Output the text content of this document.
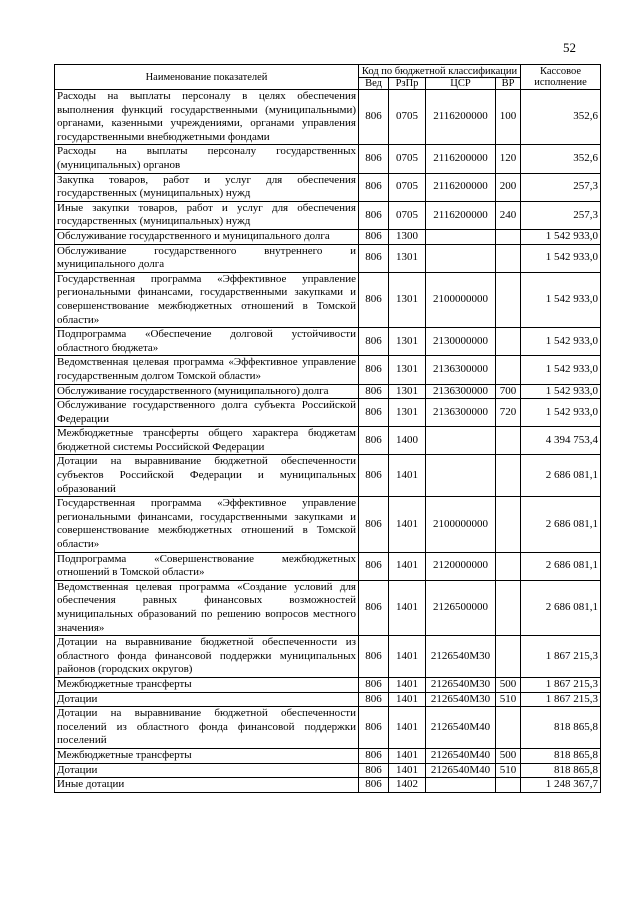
52
Наименование показателей	Код по бюджетной классификации				Кассовое исполнение
	Вед	РзПр	ЦСР	ВР	
Расходы на выплаты персоналу в целях обеспечения выполнения функций государственными (муниципальными) органами, казенными учреждениями, органами управления государственными внебюджетными фондами	806	0705	2116200000	100	352,6
Расходы на выплаты персоналу государственных (муниципальных) органов	806	0705	2116200000	120	352,6
Закупка товаров, работ и услуг для обеспечения государственных (муниципальных) нужд	806	0705	2116200000	200	257,3
Иные закупки товаров, работ и услуг для обеспечения государственных (муниципальных) нужд	806	0705	2116200000	240	257,3
Обслуживание государственного и муниципального долга	806	1300			1 542 933,0
Обслуживание государственного внутреннего и муниципального долга	806	1301			1 542 933,0
Государственная программа «Эффективное управление региональными финансами, государственными закупками и совершенствование межбюджетных отношений в Томской области»	806	1301	2100000000		1 542 933,0
Подпрограмма «Обеспечение долговой устойчивости областного бюджета»	806	1301	2130000000		1 542 933,0
Ведомственная целевая программа «Эффективное управление государственным долгом Томской области»	806	1301	2136300000		1 542 933,0
Обслуживание государственного (муниципального) долга	806	1301	2136300000	700	1 542 933,0
Обслуживание государственного долга субъекта Российской Федерации	806	1301	2136300000	720	1 542 933,0
Межбюджетные трансферты общего характера бюджетам бюджетной системы Российской Федерации	806	1400			4 394 753,4
Дотации на выравнивание бюджетной обеспеченности субъектов Российской Федерации и муниципальных образований	806	1401			2 686 081,1
Государственная программа «Эффективное управление региональными финансами, государственными закупками и совершенствование межбюджетных отношений в Томской области»	806	1401	2100000000		2 686 081,1
Подпрограмма «Совершенствование межбюджетных отношений в Томской области»	806	1401	2120000000		2 686 081,1
Ведомственная целевая программа «Создание условий для обеспечения равных финансовых возможностей муниципальных образований по решению вопросов местного значения»	806	1401	2126500000		2 686 081,1
Дотации на выравнивание бюджетной обеспеченности из областного фонда финансовой поддержки муниципальных районов (городских округов)	806	1401	2126540М30		1 867 215,3
Межбюджетные трансферты	806	1401	2126540М30	500	1 867 215,3
Дотации	806	1401	2126540М30	510	1 867 215,3
Дотации на выравнивание бюджетной обеспеченности поселений из областного фонда финансовой поддержки поселений	806	1401	2126540М40		818 865,8
Межбюджетные трансферты	806	1401	2126540М40	500	818 865,8
Дотации	806	1401	2126540М40	510	818 865,8
Иные дотации	806	1402			1 248 367,7
